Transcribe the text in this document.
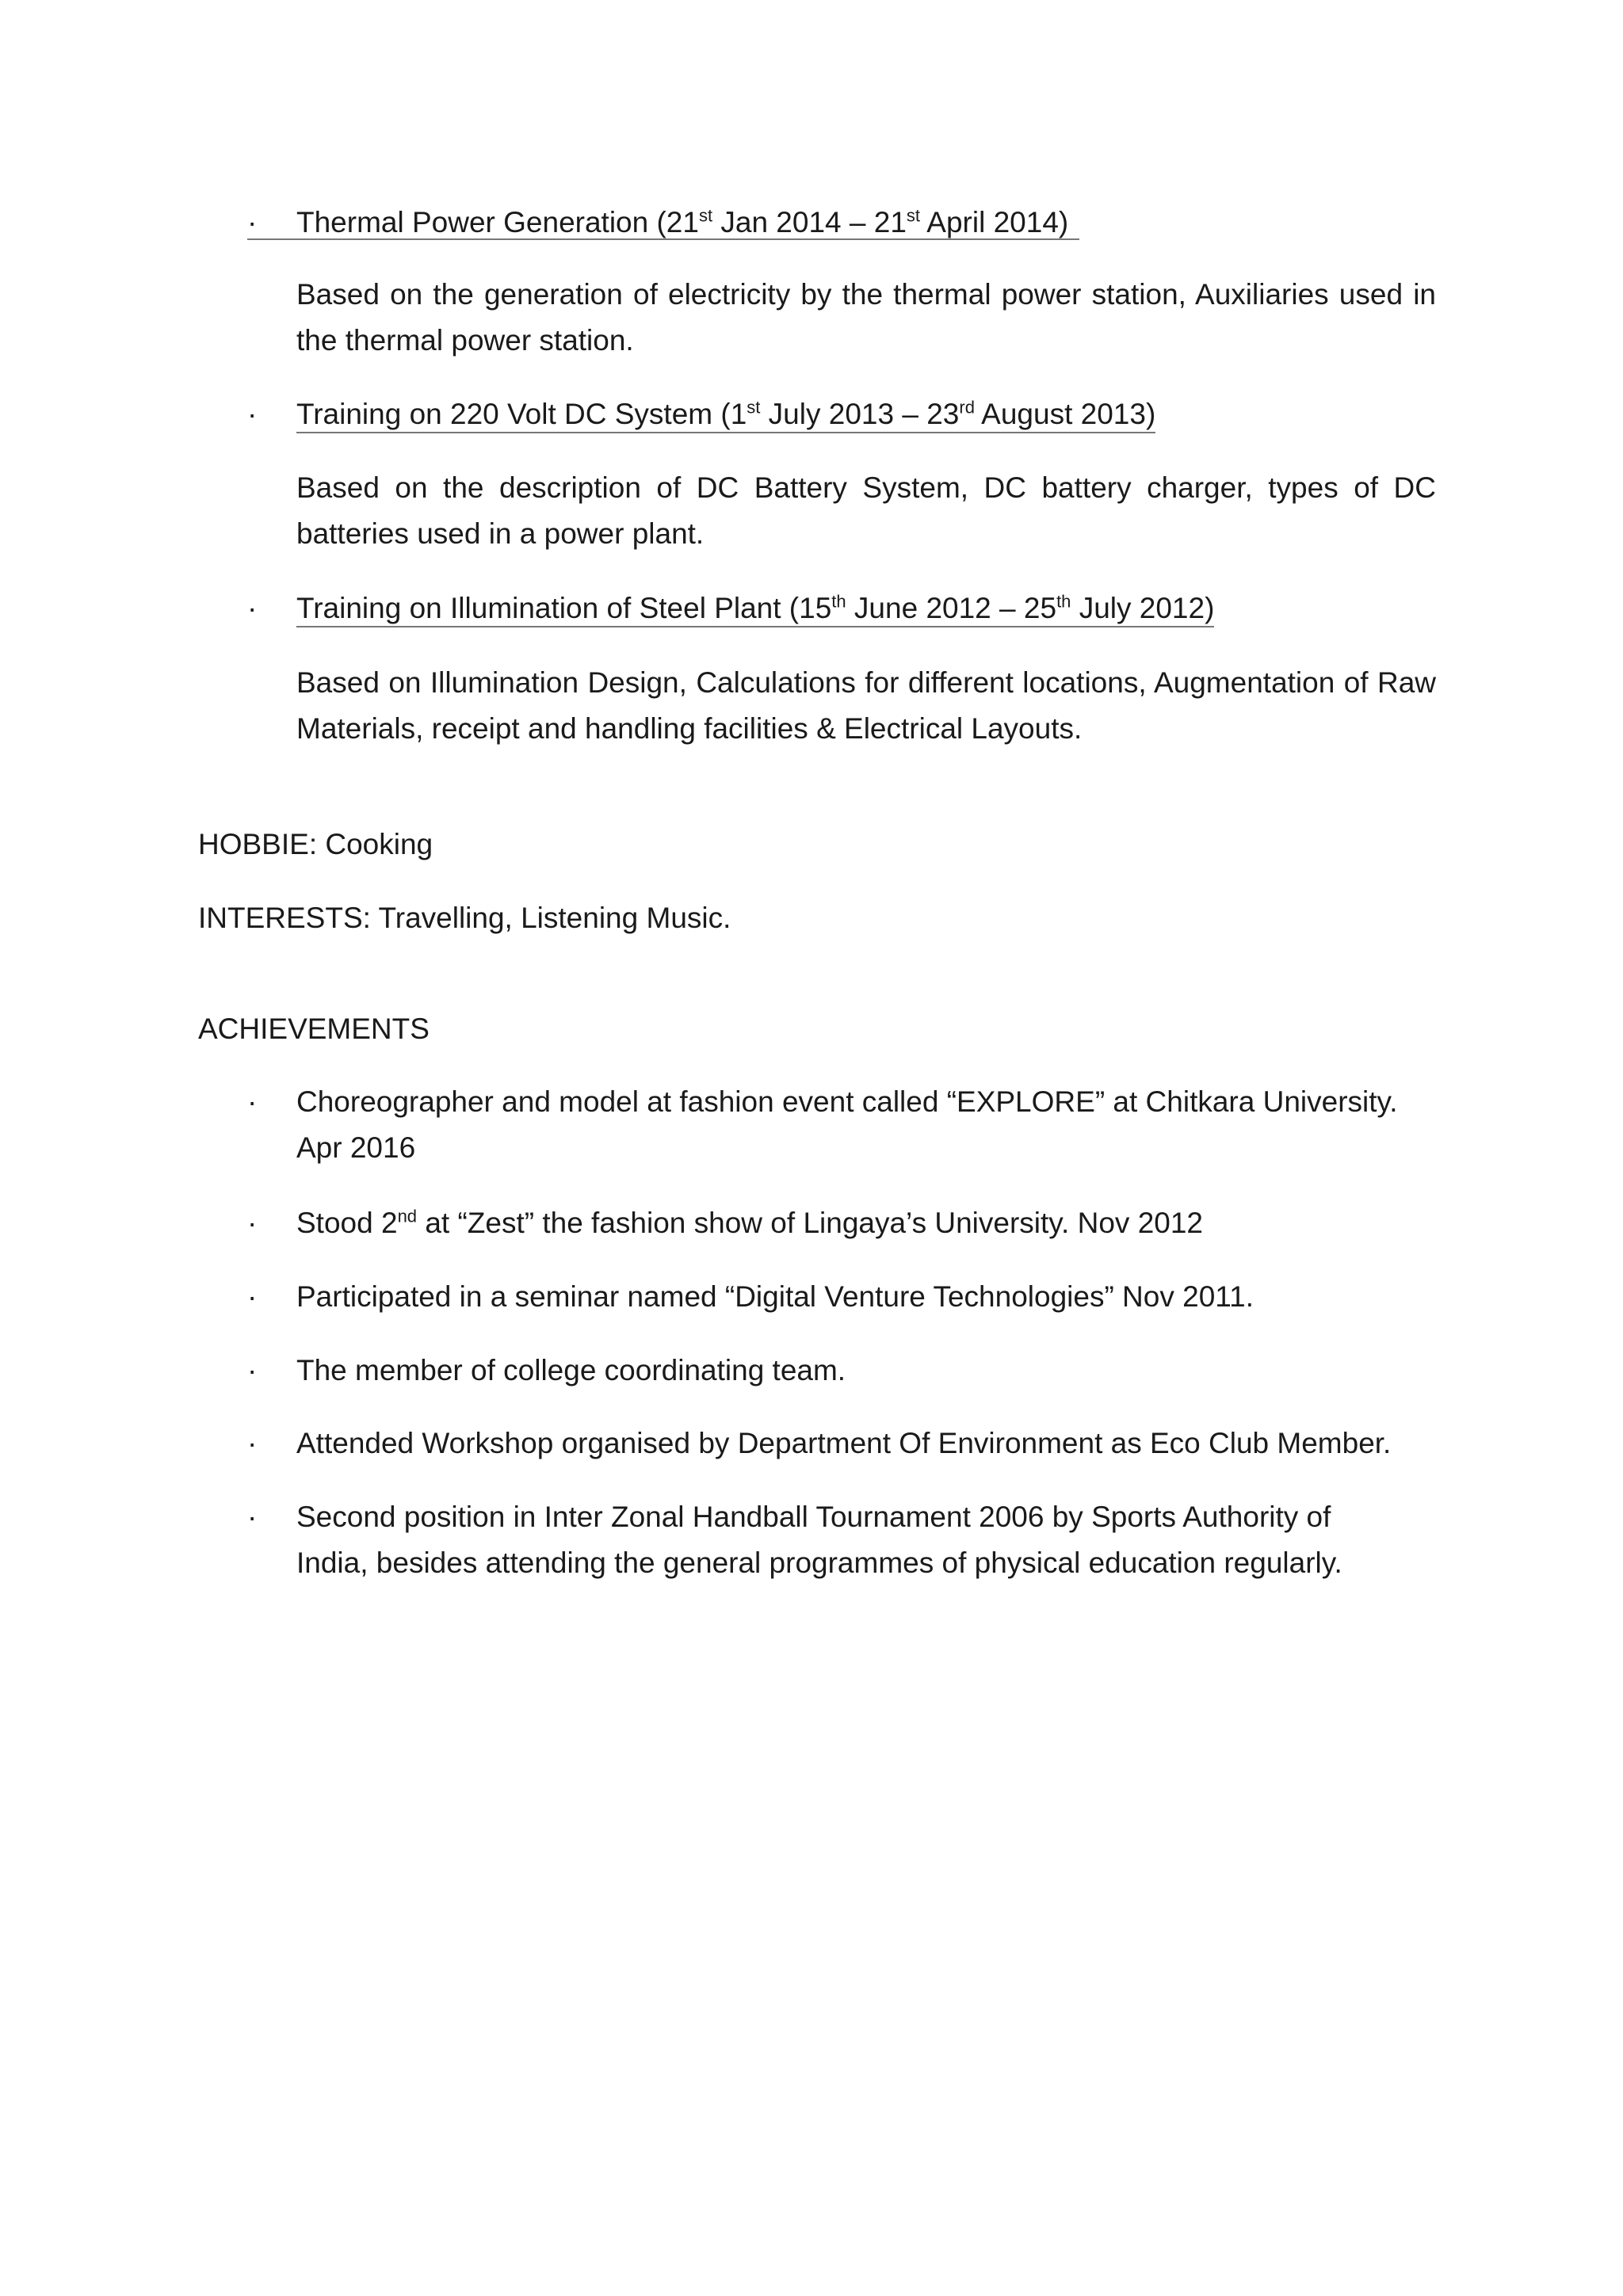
·	Thermal Power Generation (21st Jan 2014 – 21st April 2014)
Based on the generation of electricity by the thermal power station, Auxiliaries used in the thermal power station.
·	Training on 220 Volt DC System (1st July 2013 – 23rd August 2013)
Based on the description of DC Battery System, DC battery charger, types of DC batteries used in a power plant.
·	Training on Illumination of Steel Plant (15th June 2012 – 25th July 2012)
Based on Illumination Design, Calculations for different locations, Augmentation of Raw Materials, receipt and handling facilities & Electrical Layouts.
HOBBIE: Cooking
INTERESTS: Travelling, Listening Music.
ACHIEVEMENTS
·	Choreographer and model at fashion event called “EXPLORE” at Chitkara University.
Apr 2016
·	Stood 2nd at “Zest” the fashion show of Lingaya’s University. Nov 2012
·	Participated in a seminar named “Digital Venture Technologies” Nov 2011.
·	The member of college coordinating team.
·	Attended Workshop organised by Department Of Environment as Eco Club Member.
·	Second position in Inter Zonal Handball Tournament 2006 by Sports Authority of India, besides attending the general programmes of physical education regularly.
